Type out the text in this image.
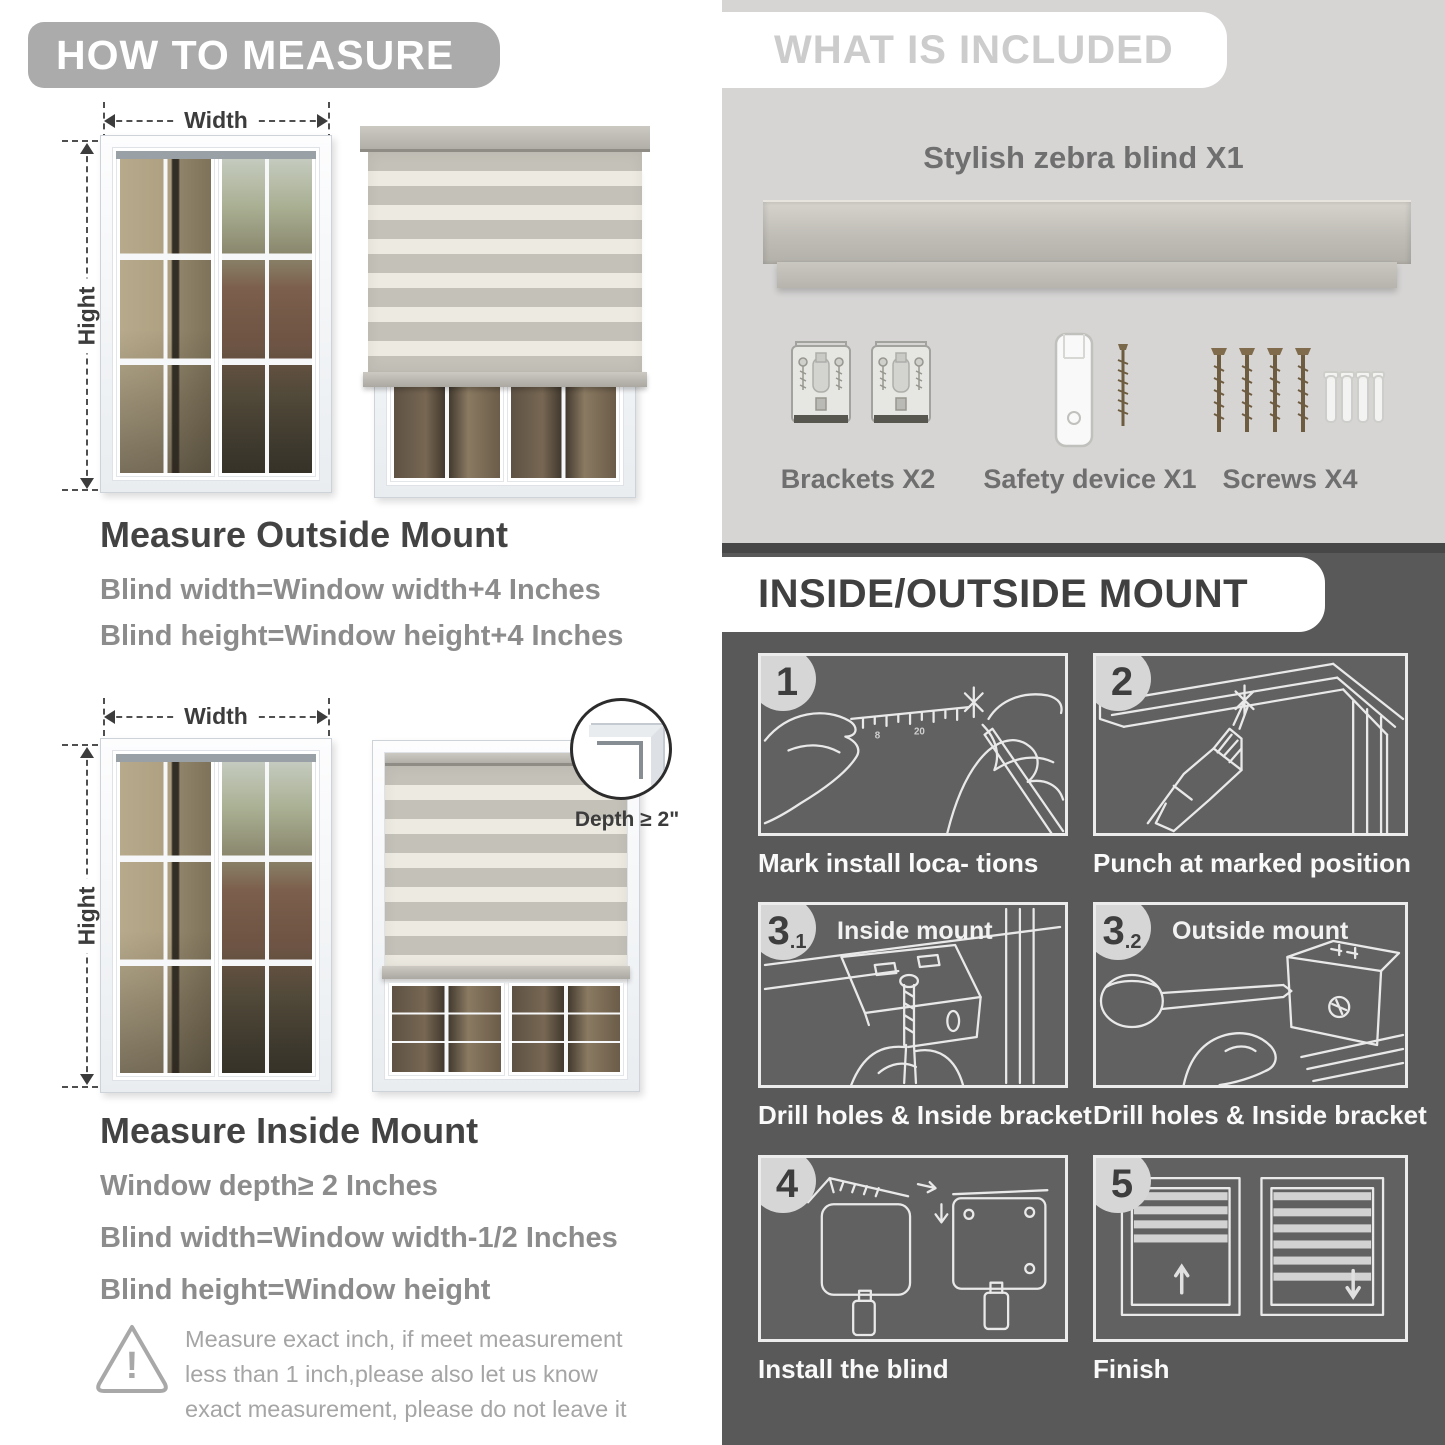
HOW TO MEASURE
Width
Hight
Measure Outside Mount
Blind width=Window width+4 Inches
Blind height=Window height+4 Inches
Width
Hight
Depth ≥ 2"
Measure Inside Mount
Window depth≥ 2 Inches
Blind width=Window width-1/2 Inches
Blind height=Window height
!
Measure exact inch, if meet measurement less than 1 inch,please also let us know exact measurement, please do not leave it
WHAT IS INCLUDED
Stylish zebra blind X1
Brackets X2	Safety device X1 Screws X4
INSIDE/OUTSIDE MOUNT
8	20
1
Mark install loca- tions
2
Punch at marked position
3 .1 Inside mount
Drill holes & Inside bracket
3 .2 Outside mount
Drill holes & Inside bracket
4
Install the blind
5
Finish
